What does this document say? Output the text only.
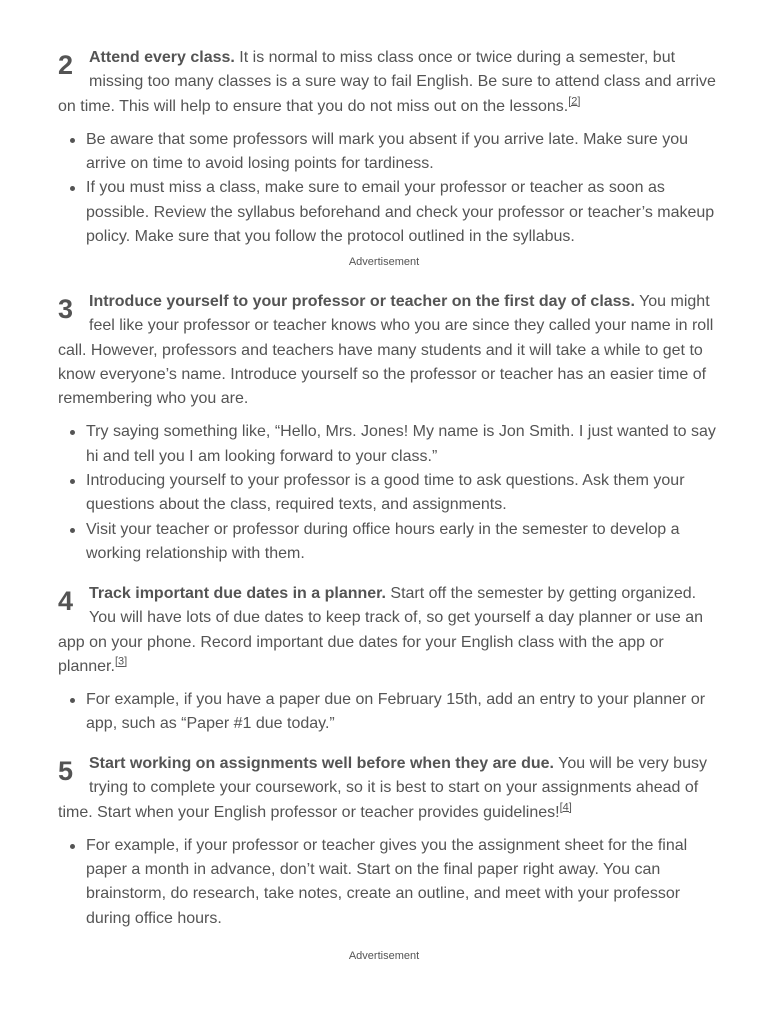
2 Attend every class. It is normal to miss class once or twice during a semester, but missing too many classes is a sure way to fail English. Be sure to attend class and arrive on time. This will help to ensure that you do not miss out on the lessons.[2]

Be aware that some professors will mark you absent if you arrive late. Make sure you arrive on time to avoid losing points for tardiness.
If you must miss a class, make sure to email your professor or teacher as soon as possible. Review the syllabus beforehand and check your professor or teacher’s makeup policy. Make sure that you follow the protocol outlined in the syllabus.
Advertisement

3 Introduce yourself to your professor or teacher on the first day of class. You might feel like your professor or teacher knows who you are since they called your name in roll call. However, professors and teachers have many students and it will take a while to get to know everyone’s name. Introduce yourself so the professor or teacher has an easier time of remembering who you are.

Try saying something like, “Hello, Mrs. Jones! My name is Jon Smith. I just wanted to say hi and tell you I am looking forward to your class.”
Introducing yourself to your professor is a good time to ask questions. Ask them your questions about the class, required texts, and assignments.
Visit your teacher or professor during office hours early in the semester to develop a working relationship with them.

4 Track important due dates in a planner. Start off the semester by getting organized. You will have lots of due dates to keep track of, so get yourself a day planner or use an app on your phone. Record important due dates for your English class with the app or planner.[3]

For example, if you have a paper due on February 15th, add an entry to your planner or app, such as “Paper #1 due today.”

5 Start working on assignments well before when they are due. You will be very busy trying to complete your coursework, so it is best to start on your assignments ahead of time. Start when your English professor or teacher provides guidelines![4]

For example, if your professor or teacher gives you the assignment sheet for the final paper a month in advance, don’t wait. Start on the final paper right away. You can brainstorm, do research, take notes, create an outline, and meet with your professor during office hours.
Advertisement
